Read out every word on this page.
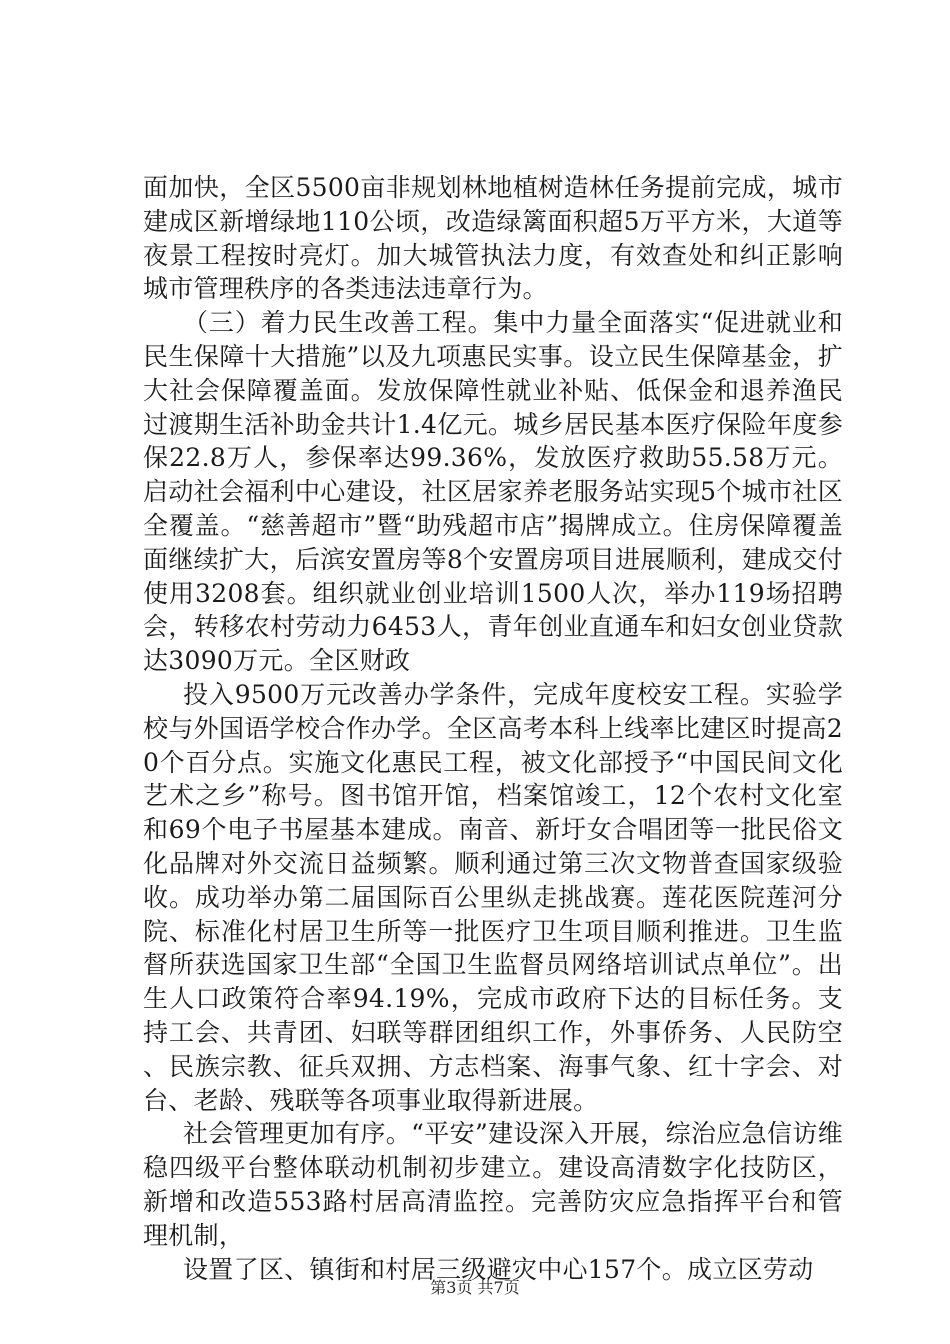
面加快，全区5500亩非规划林地植树造林任务提前完成，城市建成区新增绿地110公顷，改造绿篱面积超5万平方米，大道等夜景工程按时亮灯。加大城管执法力度，有效查处和纠正影响城市管理秩序的各类违法违章行为。

（三）着力民生改善工程。集中力量全面落实“促进就业和民生保障十大措施”以及九项惠民实事。设立民生保障基金，扩大社会保障覆盖面。发放保障性就业补贴、低保金和退养渔民过渡期生活补助金共计1.4亿元。城乡居民基本医疗保险年度参保22.8万人，参保率达99.36%，发放医疗救助55.58万元。启动社会福利中心建设，社区居家养老服务站实现5个城市社区全覆盖。“慈善超市”暨“助残超市店”揭牌成立。住房保障覆盖面继续扩大，后滨安置房等8个安置房项目进展顺利，建成交付使用3208套。组织就业创业培训1500人次，举办119场招聘会，转移农村劳动力6453人，青年创业直通车和妇女创业贷款达3090万元。全区财政

投入9500万元改善办学条件，完成年度校安工程。实验学校与外国语学校合作办学。全区高考本科上线率比建区时提高20个百分点。实施文化惠民工程，被文化部授予“中国民间文化艺术之乡”称号。图书馆开馆，档案馆竣工，12个农村文化室和69个电子书屋基本建成。南音、新圩女合唱团等一批民俗文化品牌对外交流日益频繁。顺利通过第三次文物普查国家级验收。成功举办第二届国际百公里纵走挑战赛。莲花医院莲河分院、标准化村居卫生所等一批医疗卫生项目顺利推进。卫生监督所获选国家卫生部“全国卫生监督员网络培训试点单位”。出生人口政策符合率94.19%，完成市政府下达的目标任务。支持工会、共青团、妇联等群团组织工作，外事侨务、人民防空、民族宗教、征兵双拥、方志档案、海事气象、红十字会、对台、老龄、残联等各项事业取得新进展。

社会管理更加有序。“平安”建设深入开展，综治应急信访维稳四级平台整体联动机制初步建立。建设高清数字化技防区，新增和改造553路村居高清监控。完善防灾应急指挥平台和管理机制，

设置了区、镇街和村居三级避灾中心157个。成立区劳动

第3页 共7页
